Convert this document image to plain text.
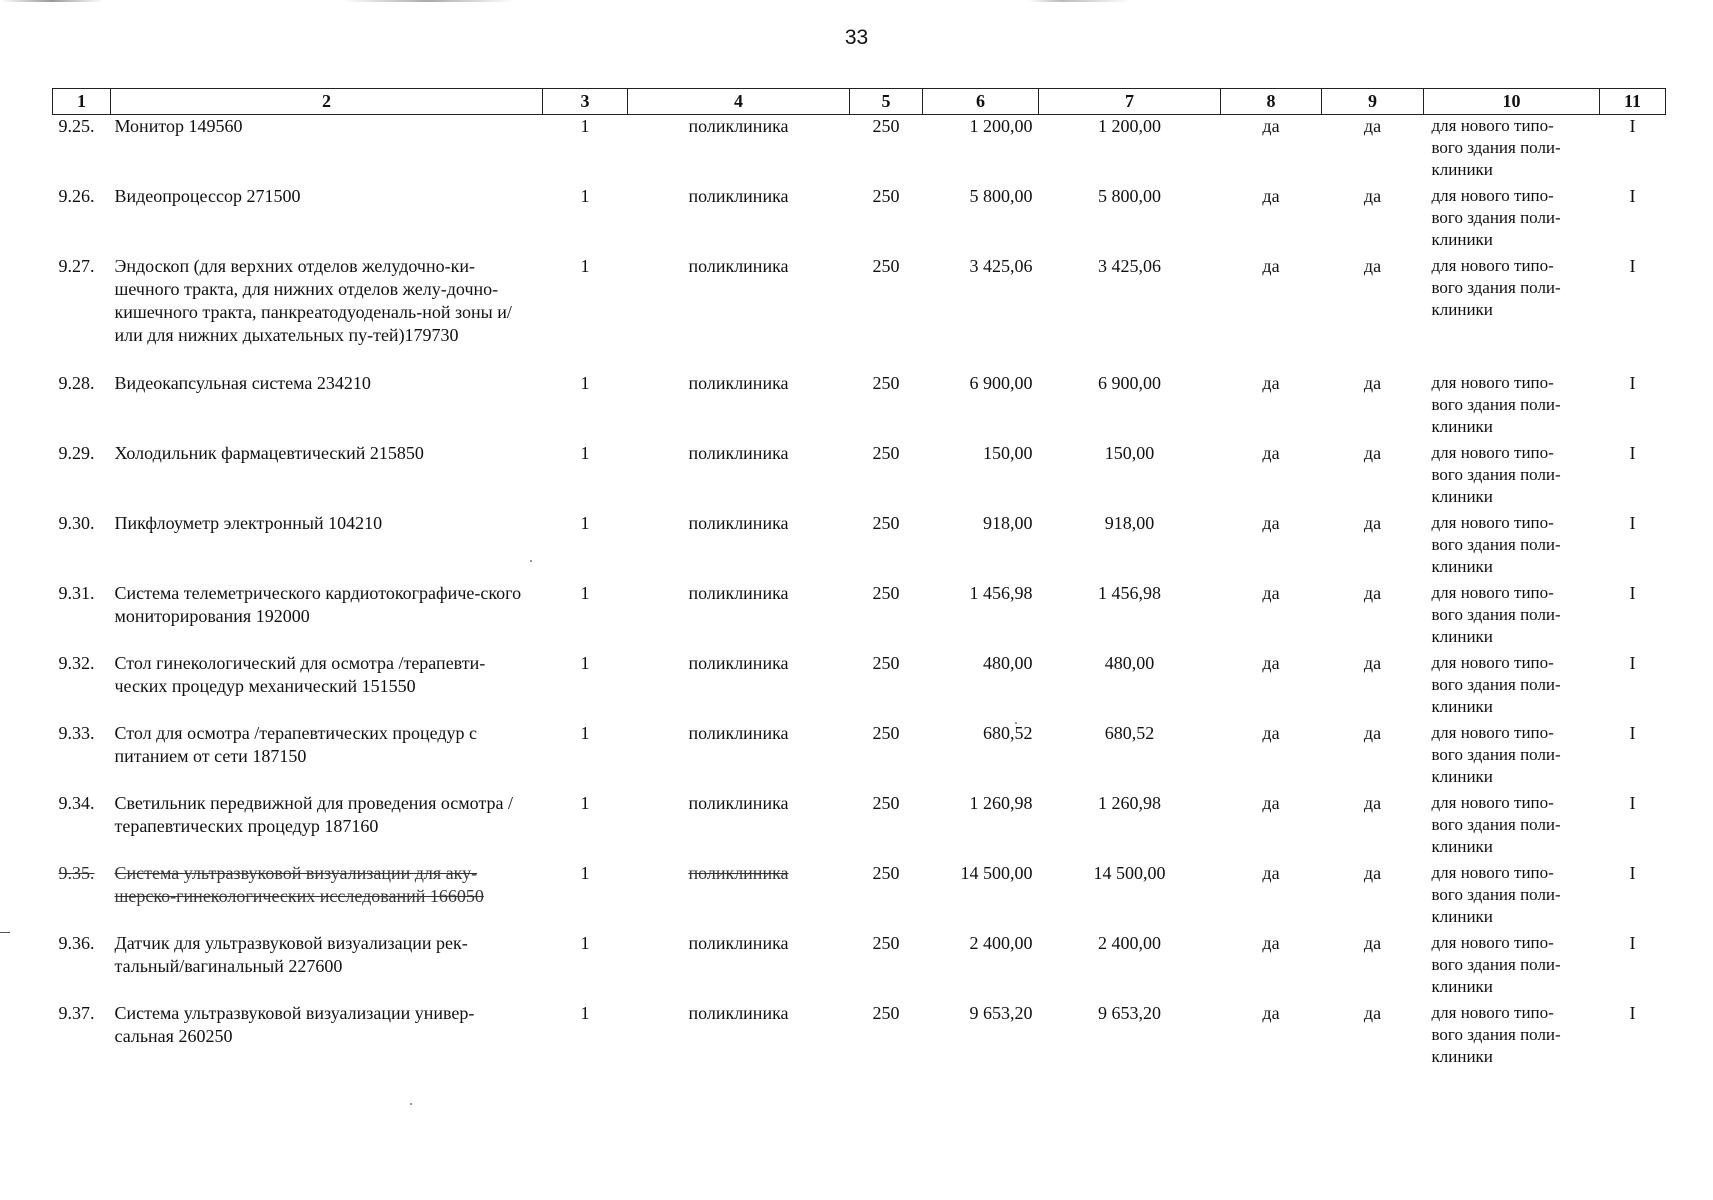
33
1	2	3	4	5	6	7	8	9	10	11
9.25.	Монитор 149560	1	поликлиника	250	1 200,00	1 200,00	да	да	для нового типо-
вого здания поли-
клиники	I
9.26.	Видеопроцессор 271500	1	поликлиника	250	5 800,00	5 800,00	да	да	для нового типо-
вого здания поли-
клиники	I
9.27.	Эндоскоп (для верхних отделов желудочно-ки-шечного тракта, для нижних отделов желу-дочно-кишечного тракта, панкреатодуоденаль-ной зоны и/или для нижних дыхательных пу-тей)179730	1	поликлиника	250	3 425,06	3 425,06	да	да	для нового типо-
вого здания поли-
клиники	I
9.28.	Видеокапсульная система 234210	1	поликлиника	250	6 900,00	6 900,00	да	да	для нового типо-
вого здания поли-
клиники	I
9.29.	Холодильник фармацевтический 215850	1	поликлиника	250	150,00	150,00	да	да	для нового типо-
вого здания поли-
клиники	I
9.30.	Пикфлоуметр электронный 104210	1	поликлиника	250	918,00	918,00	да	да	для нового типо-
вого здания поли-
клиники	I
9.31.	Система телеметрического кардиотокографиче-ского мониторирования 192000	1	поликлиника	250	1 456,98	1 456,98	да	да	для нового типо-
вого здания поли-
клиники	I
9.32.	Стол гинекологический для осмотра /терапевти-ческих процедур механический 151550	1	поликлиника	250	480,00	480,00	да	да	для нового типо-
вого здания поли-
клиники	I
9.33.	Стол для осмотра /терапевтических процедур с питанием от сети 187150	1	поликлиника	250	680,52	680,52	да	да	для нового типо-
вого здания поли-
клиники	I
9.34.	Светильник передвижной для проведения осмотра /терапевтических процедур 187160	1	поликлиника	250	1 260,98	1 260,98	да	да	для нового типо-
вого здания поли-
клиники	I
9.35.	Система ультразвуковой визуализации для аку-шерско-гинекологических исследований 166050	1	поликлиника	250	14 500,00	14 500,00	да	да	для нового типо-
вого здания поли-
клиники	I
9.36.	Датчик для ультразвуковой визуализации рек-тальный/вагинальный 227600	1	поликлиника	250	2 400,00	2 400,00	да	да	для нового типо-
вого здания поли-
клиники	I
9.37.	Система ультразвуковой визуализации универ-сальная 260250	1	поликлиника	250	9 653,20	9 653,20	да	да	для нового типо-
вого здания поли-
клиники	I
